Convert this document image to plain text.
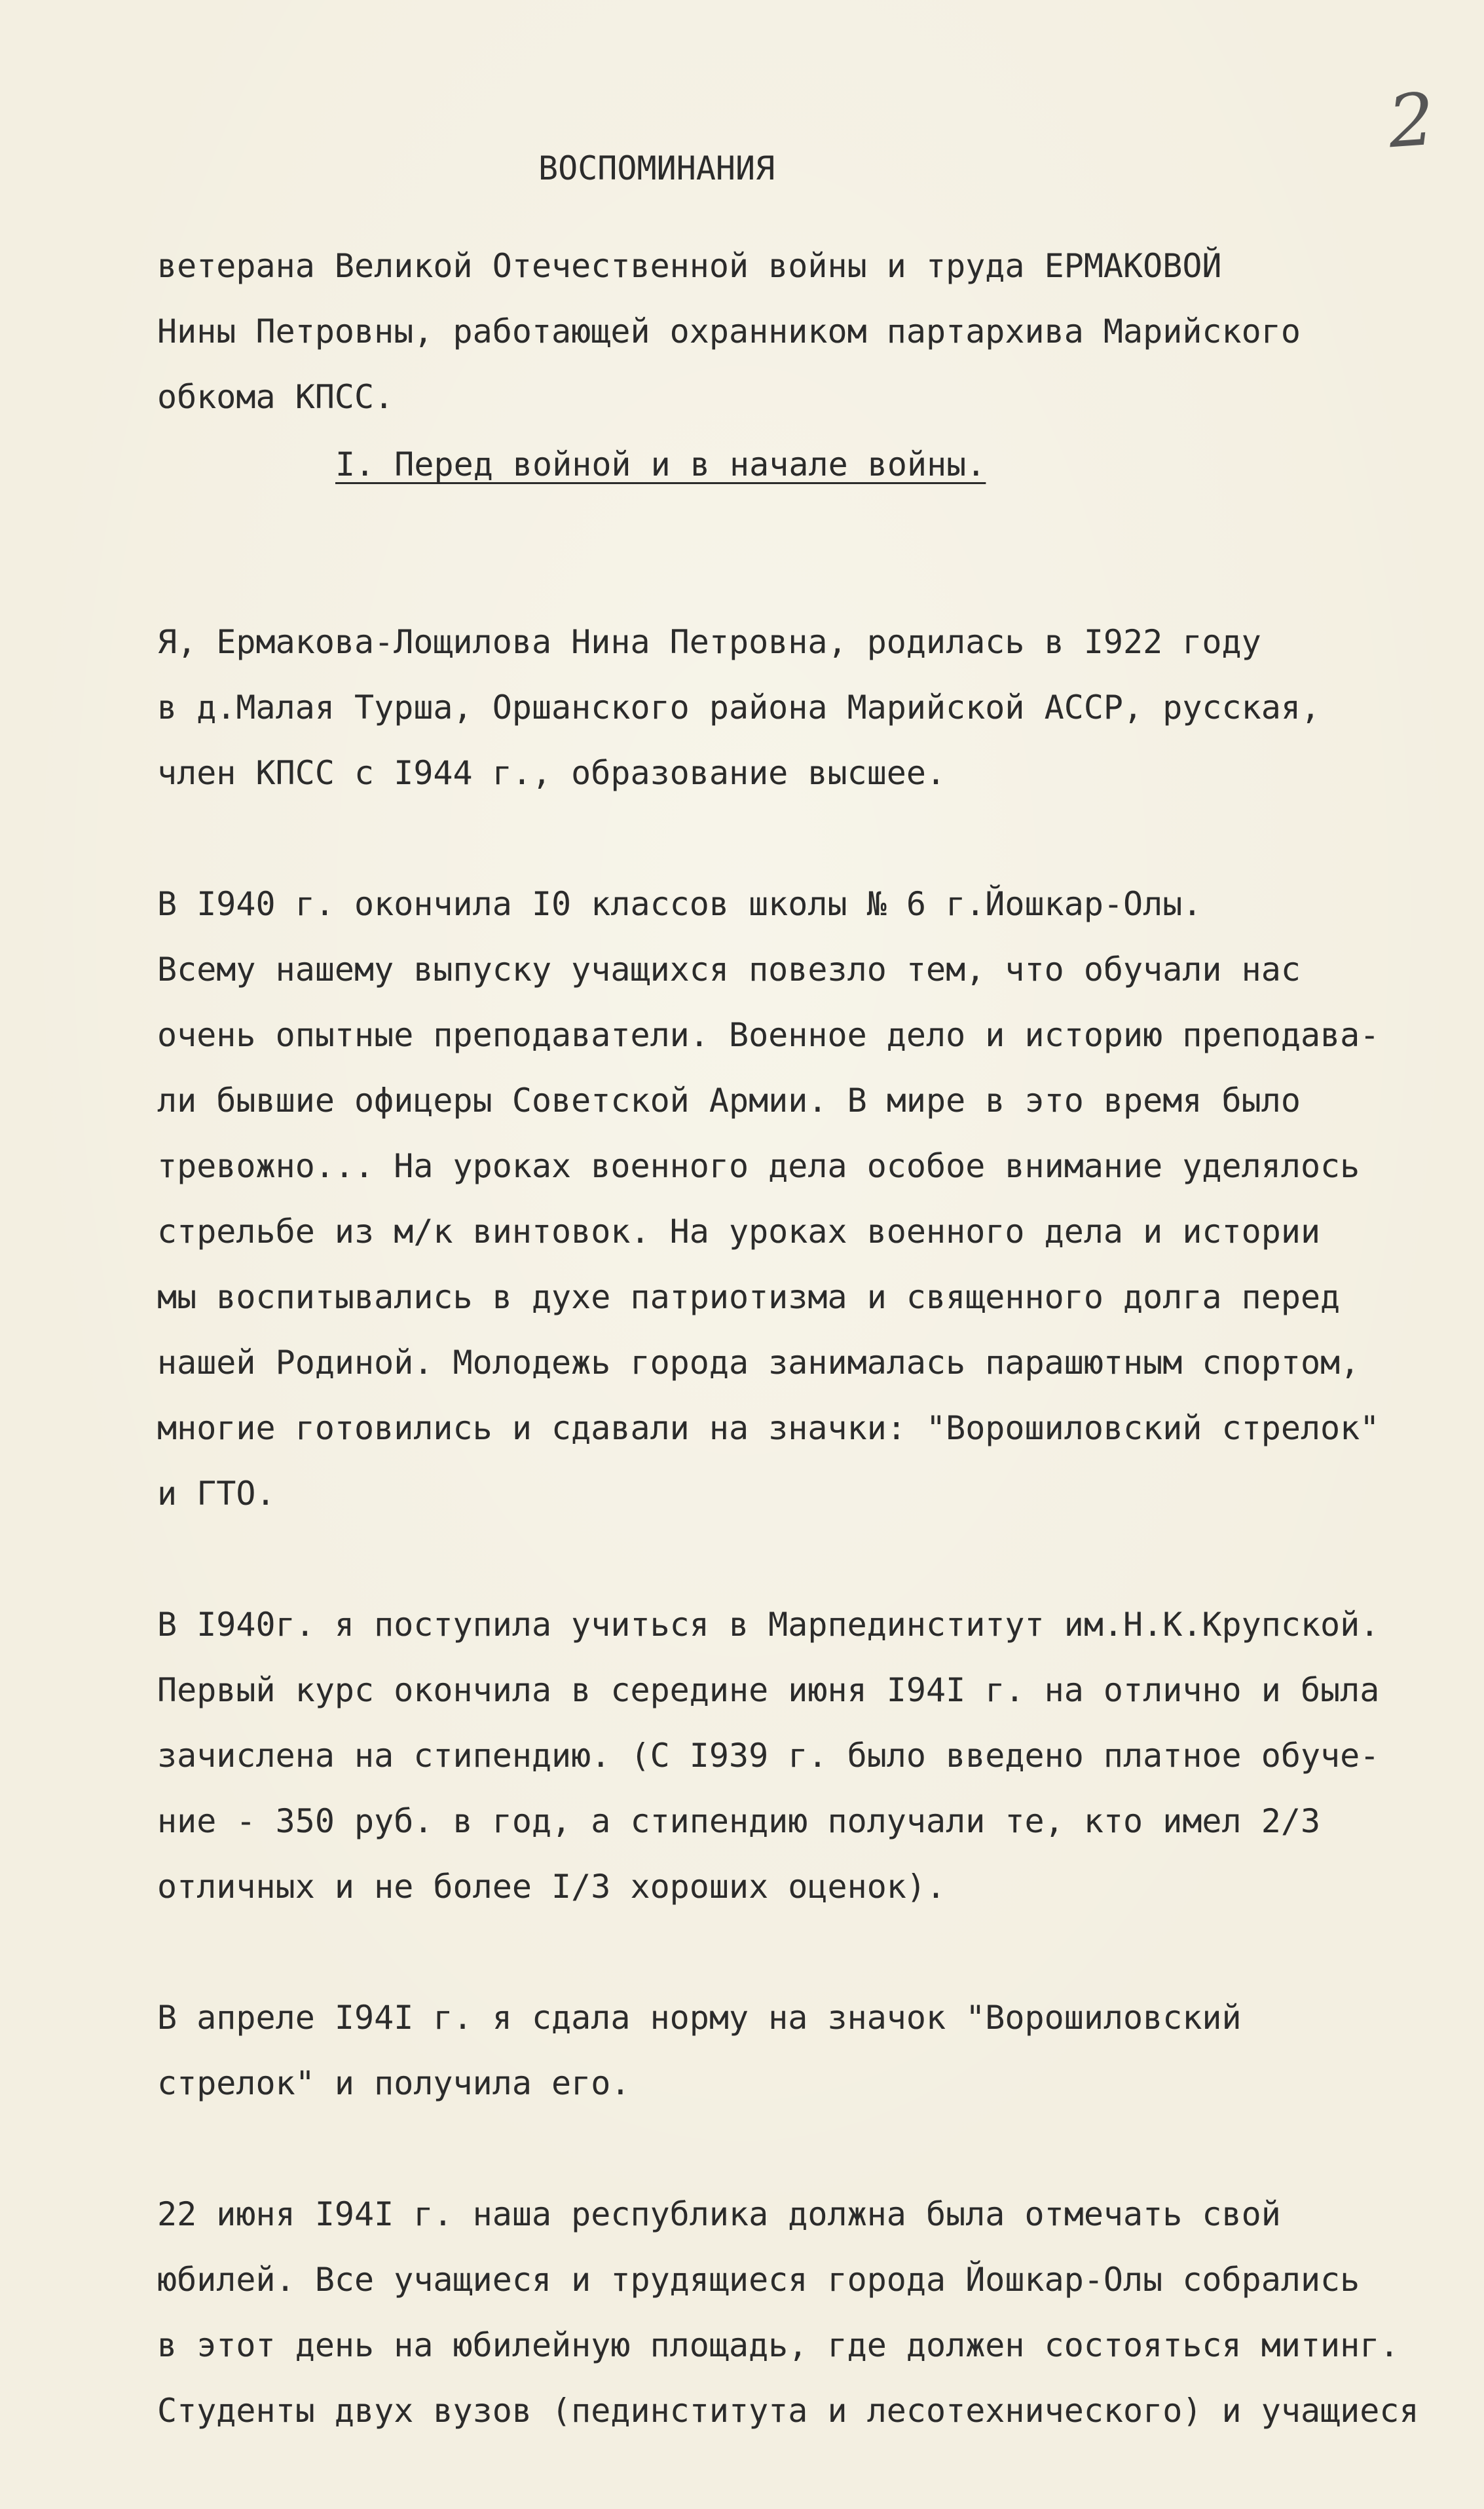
2
ВОСПОМИНАНИЯ
ветерана Великой Отечественной войны и труда ЕРМАКОВОЙ
Нины Петровны, работающей охранником партархива Марийского
обкома КПСС.
I. Перед войной и в начале войны.

Я, Ермакова-Лощилова Нина Петровна, родилась в I922 году
в д.Малая Турша, Оршанского района Марийской АССР, русская,
член КПСС с I944 г., образование высшее.

В I940 г. окончила I0 классов школы № 6 г.Йошкар-Олы.
Всему нашему выпуску учащихся повезло тем, что обучали нас
очень опытные преподаватели. Военное дело и историю преподава-
ли бывшие офицеры Советской Армии. В мире в это время было
тревожно... На уроках военного дела особое внимание уделялось
стрельбе из м/к винтовок. На уроках военного дела и истории
мы воспитывались в духе патриотизма и священного долга перед
нашей Родиной. Молодежь города занималась парашютным спортом,
многие готовились и сдавали на значки: "Ворошиловский стрелок"
и ГТО.

В I940г. я поступила учиться в Марпединститут им.Н.К.Крупской.
Первый курс окончила в середине июня I94I г. на отлично и была
зачислена на стипендию. (С I939 г. было введено платное обуче-
ние - 350 руб. в год, а стипендию получали те, кто имел 2/3
отличных и не более I/3 хороших оценок).

В апреле I94I г. я сдала норму на значок "Ворошиловский
стрелок" и получила его.

22 июня I94I г. наша республика должна была отмечать свой
юбилей. Все учащиеся и трудящиеся города Йошкар-Олы собрались
в этот день на юбилейную площадь, где должен состояться митинг.
Студенты двух вузов (пединститута и лесотехнического) и учащиеся
